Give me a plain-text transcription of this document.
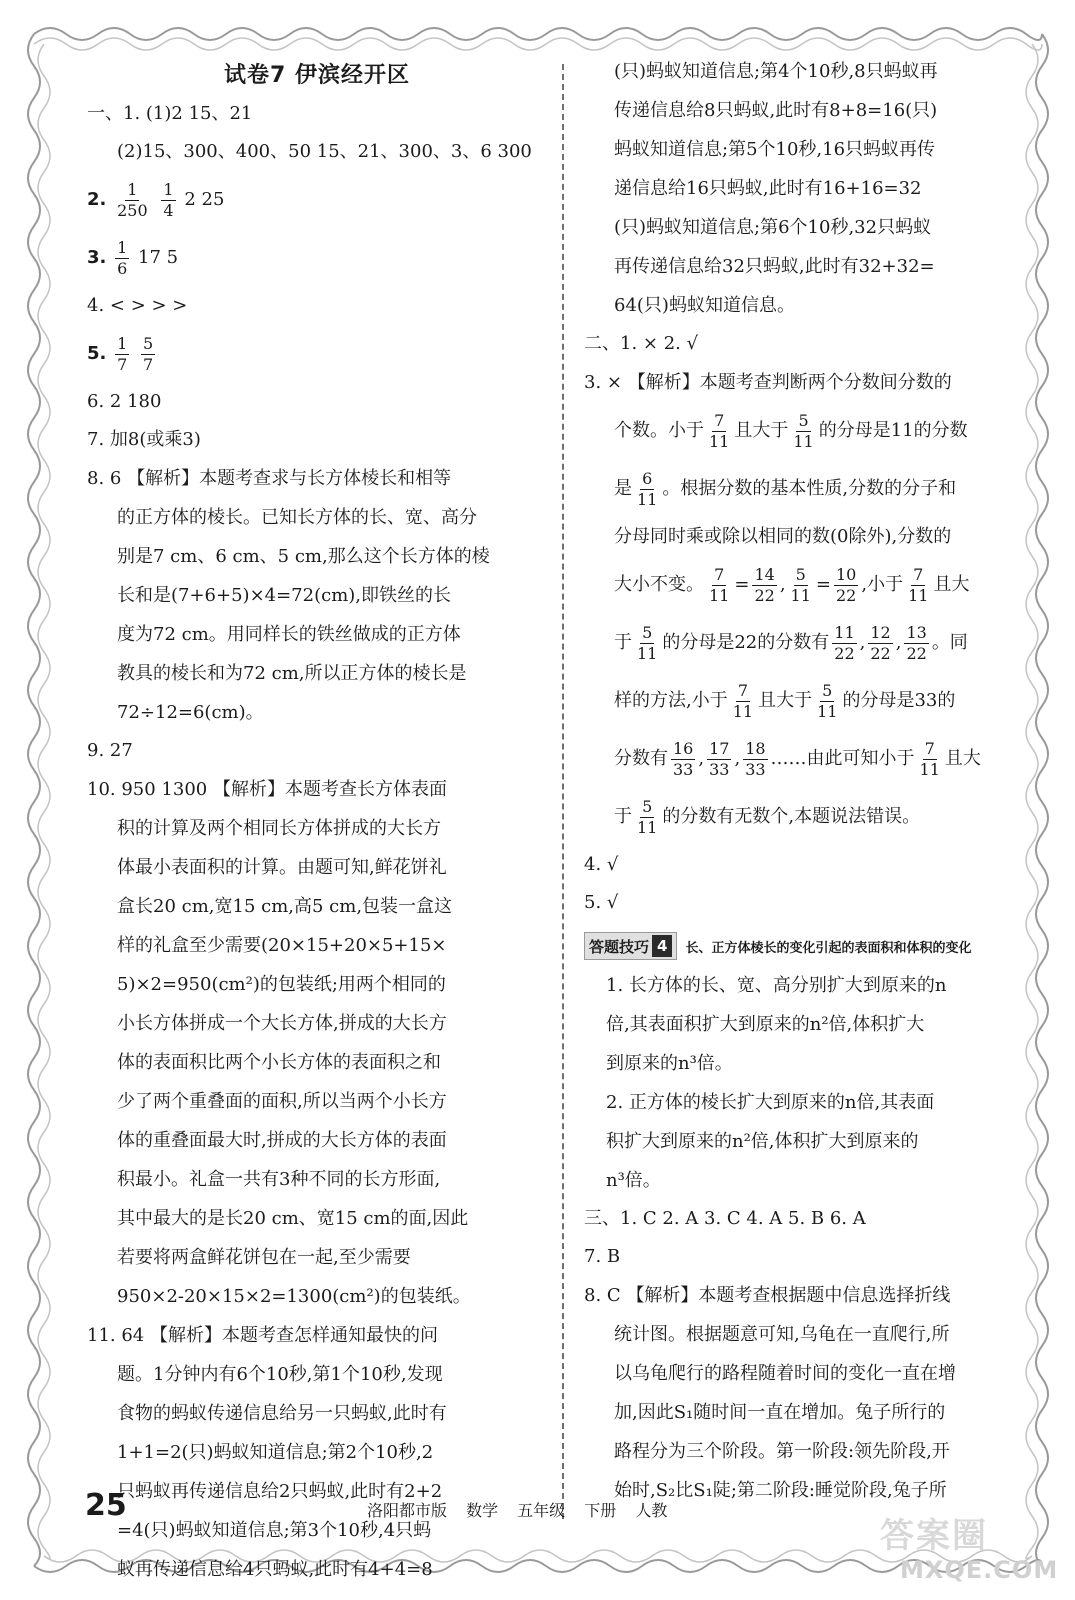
试卷7 伊滨经开区
一、1. (1)2 15、21
(2)15、300、400、50 15、21、300、3、6 300
2. $\frac{1}{250}$
$\frac{1}{4} 2$ 25
3. $\frac{1}{6} 17$ 5
4. < > > >
5. $\frac{1}{7}$
$\frac{5}{7}$
6. 2 180
7. 加8(或乘3)
8. 6 【解析】本题考查求与长方体棱长和相等
的正方体的棱长。已知长方体的长、宽、高分
别是7 cm、6 cm、5 cm,那么这个长方体的棱
长和是(7+6+5)×4=72(cm),即铁丝的长
度为72 cm。用同样长的铁丝做成的正方体
教具的棱长和为72 cm,所以正方体的棱长是
72÷12=6(cm)。
9. 27
10. 950 1300 【解析】本题考查长方体表面
积的计算及两个相同长方体拼成的大长方
体最小表面积的计算。由题可知,鲜花饼礼
盒长20 cm,宽15 cm,高5 cm,包装一盒这
样的礼盒至少需要(20×15+20×5+15×
5)×2=950(cm²)的包装纸;用两个相同的
小长方体拼成一个大长方体,拼成的大长方
体的表面积比两个小长方体的表面积之和
少了两个重叠面的面积,所以当两个小长方
体的重叠面最大时,拼成的大长方体的表面
积最小。礼盒一共有3种不同的长方形面,
其中最大的是长20 cm、宽15 cm的面,因此
若要将两盒鲜花饼包在一起,至少需要
950×2-20×15×2=1300(cm²)的包装纸。
11. 64 【解析】本题考查怎样通知最快的问
题。1分钟内有6个10秒,第1个10秒,发现
食物的蚂蚁传递信息给另一只蚂蚁,此时有
1+1=2(只)蚂蚁知道信息;第2个10秒,2
只蚂蚁再传递信息给2只蚂蚁,此时有2+2
=4(只)蚂蚁知道信息;第3个10秒,4只蚂
蚁再传递信息给4只蚂蚁,此时有4+4=8
(只)蚂蚁知道信息;第4个10秒,8只蚂蚁再
传递信息给8只蚂蚁,此时有8+8=16(只)
蚂蚁知道信息;第5个10秒,16只蚂蚁再传
递信息给16只蚂蚁,此时有16+16=32
(只)蚂蚁知道信息;第6个10秒,32只蚂蚁
再传递信息给32只蚂蚁,此时有32+32=
64(只)蚂蚁知道信息。
二、1. × 2. √
3. × 【解析】本题考查判断两个分数间分数的
个数。小于 $\frac{7}{11}$ 且大于 $\frac{5}{11}$ 的分母是11的分数
是 $\frac{6}{11}$ 。根据分数的基本性质,分数的分子和
分母同时乘或除以相同的数(0除外),分数的
大小不变。 $\frac{7}{11} = \frac{14}{22}$ , $\frac{5}{11} = \frac{10}{22}$ ,小于 $\frac{7}{11}$ 且大
于 $\frac{5}{11}$ 的分母是22的分数有 $\frac{11}{22}$ , $\frac{12}{22}$ , $\frac{13}{22}$ 。同
样的方法,小于 $\frac{7}{11}$ 且大于 $\frac{5}{11}$ 的分母是33的
分数有 $\frac{16}{33}$ , $\frac{17}{33}$ , $\frac{18}{33}$ ……由此可知小于 $\frac{7}{11}$ 且大
于 $\frac{5}{11}$ 的分数有无数个,本题说法错误。
4. √
5. √
答题技巧 4	长、正方体棱长的变化引起的表面积和体积的变化
1. 长方体的长、宽、高分别扩大到原来的n
倍,其表面积扩大到原来的n²倍,体积扩大
到原来的n³倍。
2. 正方体的棱长扩大到原来的n倍,其表面
积扩大到原来的n²倍,体积扩大到原来的
n³倍。
三、1. C 2. A 3. C 4. A 5. B 6. A
7. B
8. C 【解析】本题考查根据题中信息选择折线
统计图。根据题意可知,乌龟在一直爬行,所
以乌龟爬行的路程随着时间的变化一直在增
加,因此S₁随时间一直在增加。兔子所行的
路程分为三个阶段。第一阶段:领先阶段,开
始时,S₂比S₁陡;第二阶段:睡觉阶段,兔子所
25	洛阳都市版 数学 五年级 下册 人教
答案圈
MXQE.COM
